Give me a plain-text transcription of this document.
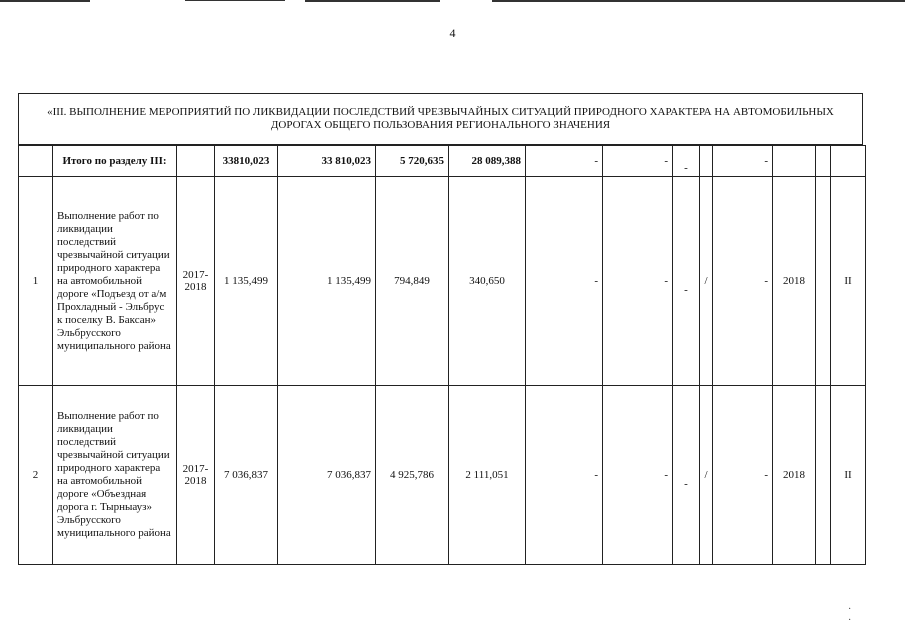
4
«III. ВЫПОЛНЕНИЕ МЕРОПРИЯТИЙ ПО ЛИКВИДАЦИИ ПОСЛЕДСТВИЙ ЧРЕЗВЫЧАЙНЫХ СИТУАЦИЙ ПРИРОДНОГО ХАРАКТЕРА НА АВТОМОБИЛЬНЫХ ДОРОГАХ ОБЩЕГО ПОЛЬЗОВАНИЯ РЕГИОНАЛЬНОГО ЗНАЧЕНИЯ
	Итого по разделу III:		33810,023	33 810,023	5 720,635	28 089,388	-	-	-		-			
1	Выполнение работ по ликвидации последствий чрезвычайной ситуации природного характера на автомобильной дороге «Подъезд от а/м Прохладный - Эльбрус к поселку В. Баксан» Эльбрусского муниципального района	2017-2018	1 135,499	1 135,499	794,849	340,650	-	-	-	/	-	2018		II
2	Выполнение работ по ликвидации последствий чрезвычайной ситуации природного характера на автомобильной дороге «Объездная дорога г. Тырныауз» Эльбрусского муниципального района	2017-2018	7 036,837	7 036,837	4 925,786	2 111,051	-	-	-	/	-	2018		II
· ·
